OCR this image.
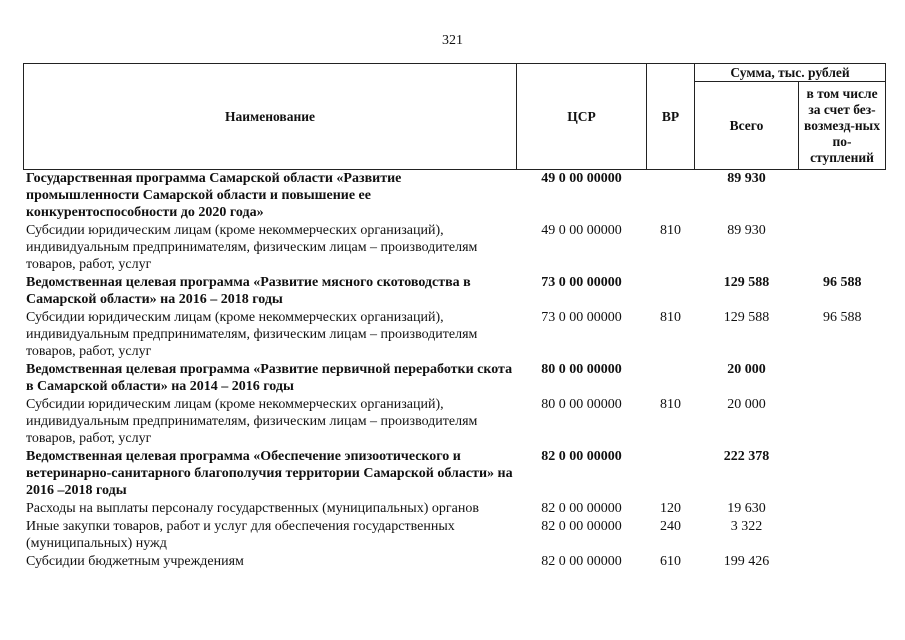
321
Наименование	ЦСР	ВР	Сумма, тыс. рублей	
			Всего	в том числе за счет без-возмезд-ных по-ступлений
Государственная программа Самарской области «Развитие промышленности Самарской области и повышение ее конкурентоспособности до 2020 года»	49 0 00 00000		89 930	
Субсидии юридическим лицам (кроме некоммерческих организаций), индивидуальным предпринимателям, физическим лицам – производителям товаров, работ, услуг	49 0 00 00000	810	89 930	
Ведомственная целевая программа «Развитие мясного скотоводства в Самарской области» на 2016 – 2018 годы	73 0 00 00000		129 588	96 588
Субсидии юридическим лицам (кроме некоммерческих организаций), индивидуальным предпринимателям, физическим лицам – производителям товаров, работ, услуг	73 0 00 00000	810	129 588	96 588
Ведомственная целевая программа «Развитие первичной переработки скота в Самарской области» на 2014 – 2016 годы	80 0 00 00000		20 000	
Субсидии юридическим лицам (кроме некоммерческих организаций), индивидуальным предпринимателям, физическим лицам – производителям товаров, работ, услуг	80 0 00 00000	810	20 000	
Ведомственная целевая программа «Обеспечение эпизоотического и ветеринарно-санитарного благополучия территории Самарской области» на 2016 –2018 годы	82 0 00 00000		222 378	
Расходы на выплаты персоналу государственных (муниципальных) органов	82 0 00 00000	120	19 630	
Иные закупки товаров, работ и услуг для обеспечения государственных (муниципальных) нужд	82 0 00 00000	240	3 322	
Субсидии бюджетным учреждениям	82 0 00 00000	610	199 426	
